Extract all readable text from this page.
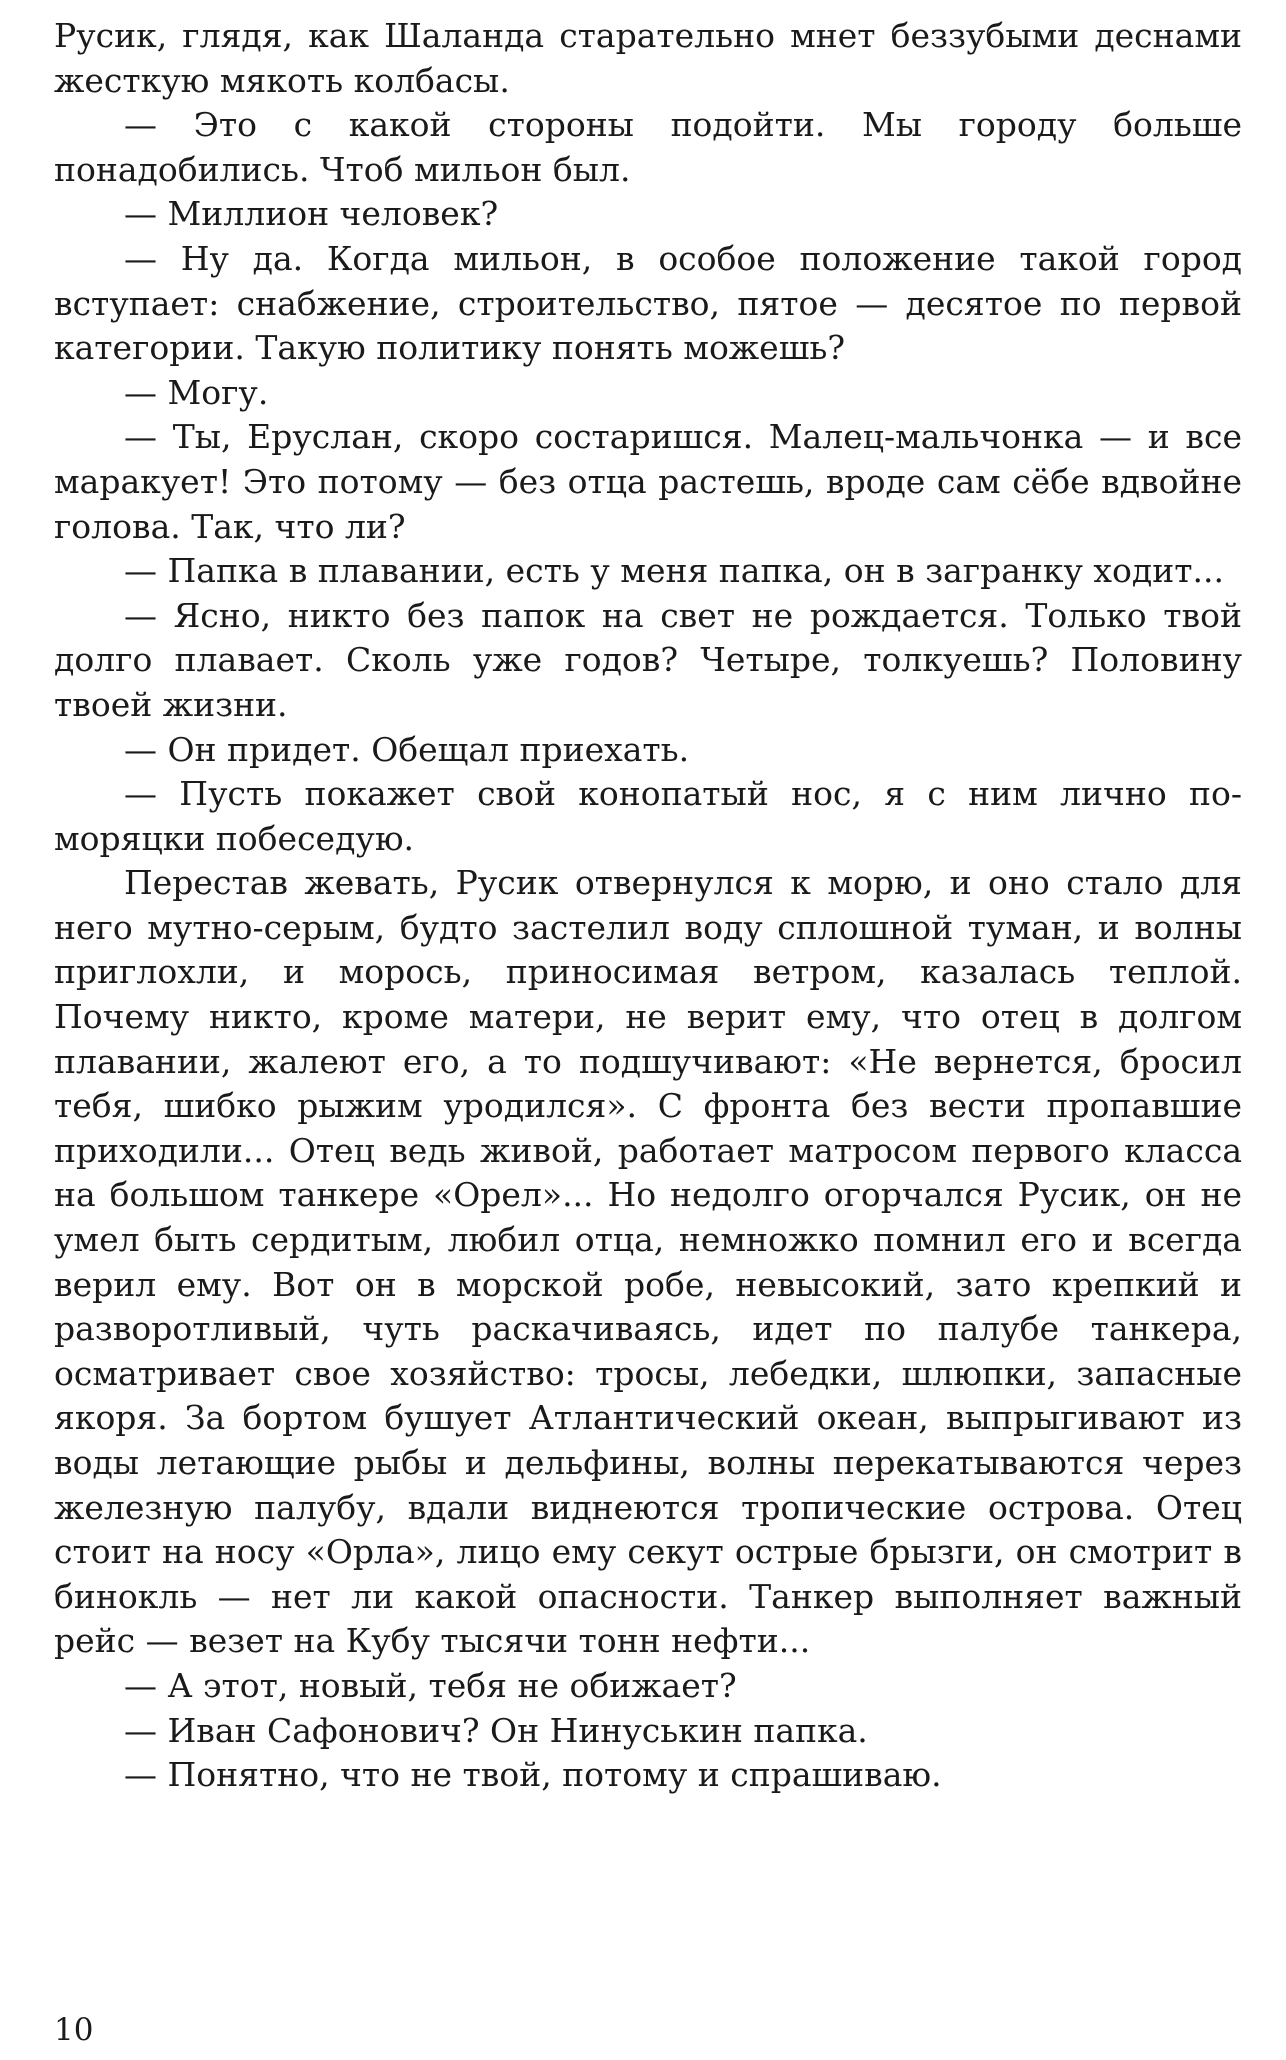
Русик, глядя, как Шаланда старательно мнет беззубыми деснами жесткую мякоть колбасы.

— Это с какой стороны подойти. Мы городу больше понадобились. Чтоб мильон был.

— Миллион человек?

— Ну да. Когда мильон, в особое положение такой город вступает: снабжение, строительство, пятое — десятое по первой категории. Такую политику понять можешь?

— Могу.

— Ты, Еруслан, скоро состаришся. Малец-мальчонка — и все маракует! Это потому — без отца растешь, вроде сам сёбе вдвойне голова. Так, что ли?

— Папка в плавании, есть у меня папка, он в загранку ходит...

— Ясно, никто без папок на свет не рождается. Только твой долго плавает. Сколь уже годов? Четыре, толкуешь? Половину твоей жизни.

— Он придет. Обещал приехать.

— Пусть покажет свой конопатый нос, я с ним лично по-моряцки побеседую.

Перестав жевать, Русик отвернулся к морю, и оно стало для него мутно-серым, будто застелил воду сплошной туман, и волны приглохли, и морось, приносимая ветром, казалась теплой. Почему никто, кроме матери, не верит ему, что отец в долгом плавании, жалеют его, а то подшучивают: «Не вернется, бросил тебя, шибко рыжим уродился». С фронта без вести пропавшие приходили... Отец ведь живой, работает матросом первого класса на большом танкере «Орел»... Но недолго огорчался Русик, он не умел быть сердитым, любил отца, немножко помнил его и всегда верил ему. Вот он в морской робе, невысокий, зато крепкий и разворотливый, чуть раскачиваясь, идет по палубе танкера, осматривает свое хозяйство: тросы, лебедки, шлюпки, запасные якоря. За бортом бушует Атлантический океан, выпрыгивают из воды летающие рыбы и дельфины, волны перекатываются через железную палубу, вдали виднеются тропические острова. Отец стоит на носу «Орла», лицо ему секут острые брызги, он смотрит в бинокль — нет ли какой опасности. Танкер выполняет важный рейс — везет на Кубу тысячи тонн нефти...

— А этот, новый, тебя не обижает?

— Иван Сафонович? Он Нинуськин папка.

— Понятно, что не твой, потому и спрашиваю.

10
